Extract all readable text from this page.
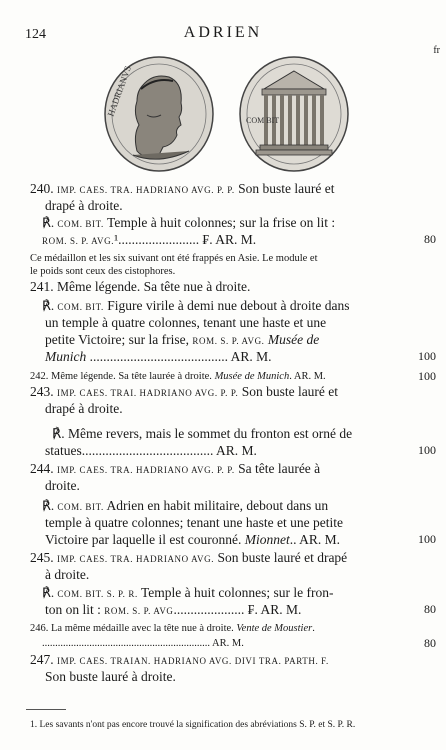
124	ADRIEN
fr
HADRIANVS
COM BIT
240. IMP. CAES. TRA. HADRIANO AVG. P. P. Son buste lauré et
drapé à droite.
℟. COM. BIT. Temple à huit colonnes; sur la frise on lit :
ROM. S. P. AVG.¹........................ ₣. AR. M.	80
Ce médaillon et les six suivant ont été frappés en Asie. Le module et
le poids sont ceux des cistophores.
241. Même légende. Sa tête nue à droite.
℟. COM. BIT. Figure virile à demi nue debout à droite dans
un temple à quatre colonnes, tenant une haste et une
petite Victoire; sur la frise, ROM. S. P. AVG. Musée de
Munich ......................................... AR. M.	100
242. Même légende. Sa tête laurée à droite. Musée de Munich. AR. M.	100
243. IMP. CAES. TRAI. HADRIANO AVG. P. P. Son buste lauré et
drapé à droite.
℟. Même revers, mais le sommet du fronton est orné de
statues....................................... AR. M.	100
244. IMP. CAES. TRA. HADRIANO AVG. P. P. Sa tête laurée à
droite.
℟. COM. BIT. Adrien en habit militaire, debout dans un
temple à quatre colonnes; tenant une haste et une petite
Victoire par laquelle il est couronné. Mionnet.. AR. M.	100
245. IMP. CAES. TRA. HADRIANO AVG. Son buste lauré et drapé
à droite.
℟. COM. BIT. S. P. R. Temple à huit colonnes; sur le fron-
ton on lit : ROM. S. P. AVG..................... ₣. AR. M.	80
246. La même médaille avec la tête nue à droite. Vente de Moustier.
................................................................ AR. M.	80
247. IMP. CAES. TRAIAN. HADRIANO AVG. DIVI TRA. PARTH. F.
Son buste lauré à droite.
1. Les savants n'ont pas encore trouvé la signification des abréviations S. P. et S. P. R.
